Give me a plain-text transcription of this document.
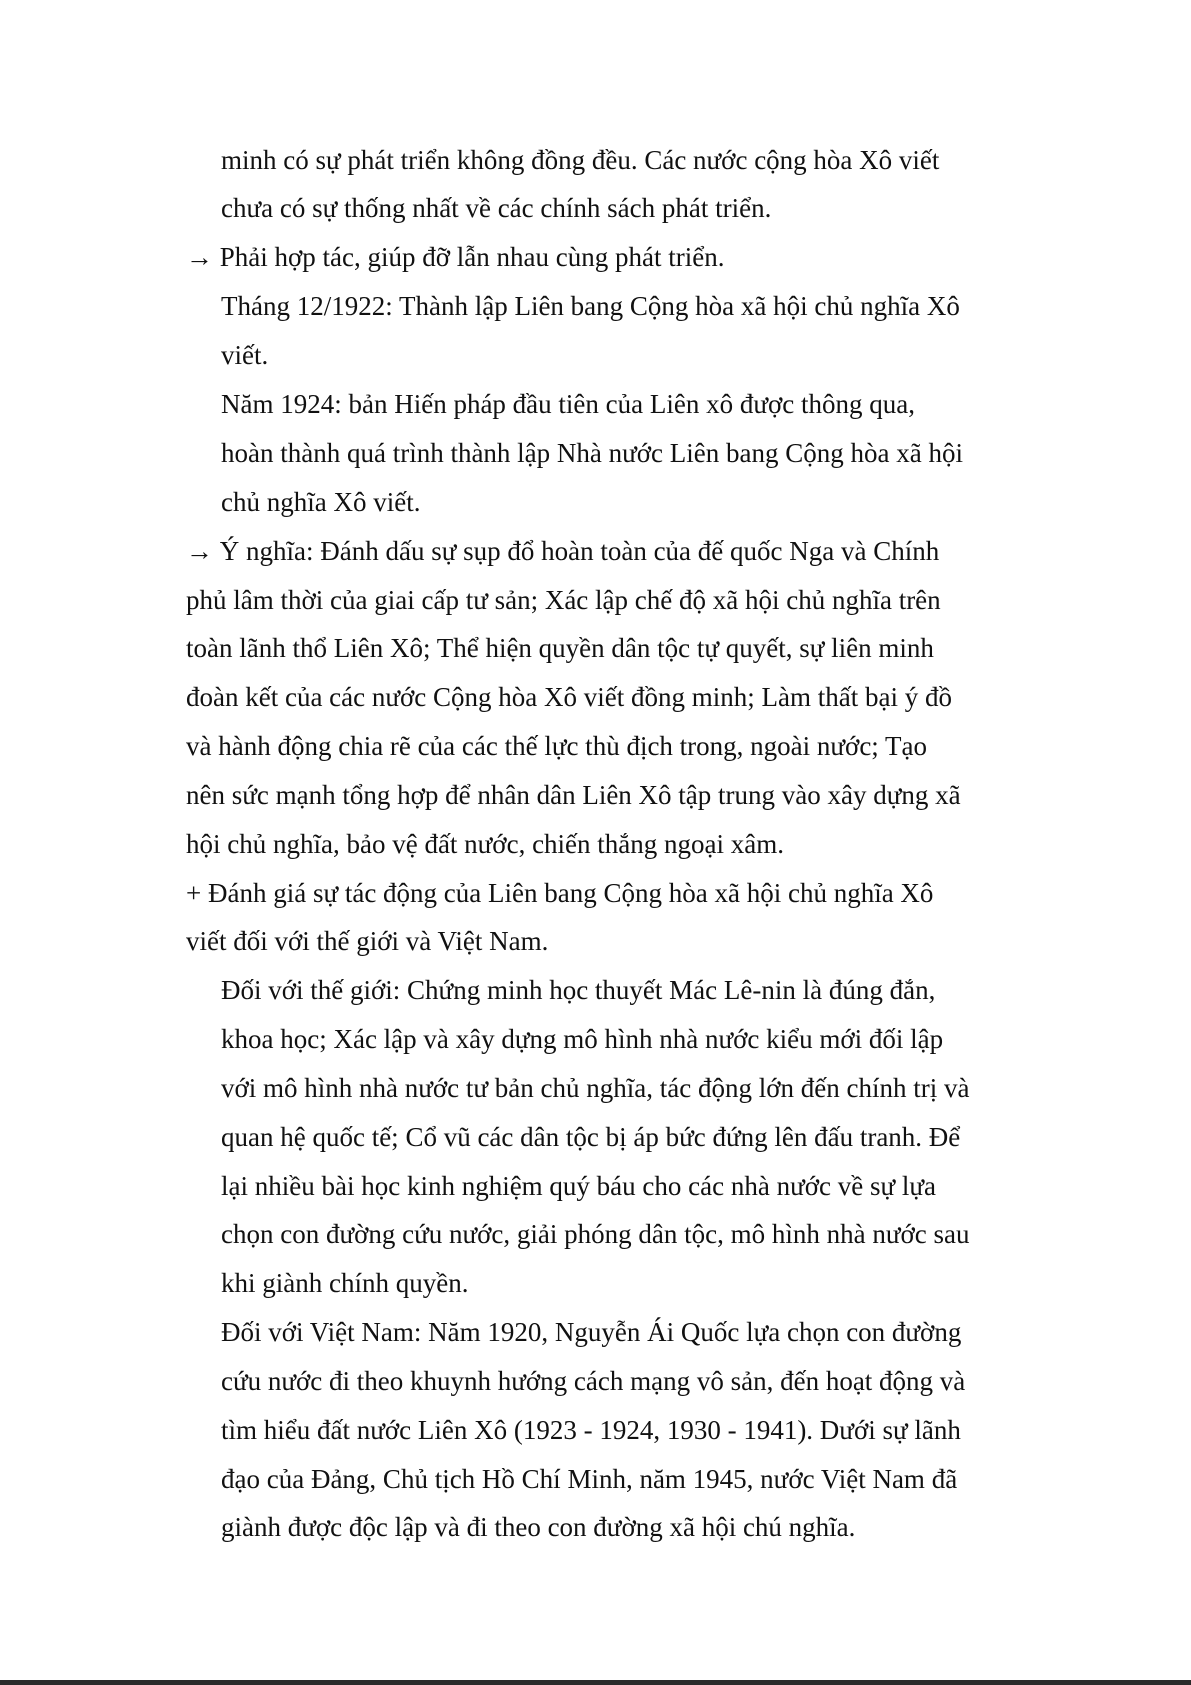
minh có sự phát triển không đồng đều. Các nước cộng hòa Xô viết
chưa có sự thống nhất về các chính sách phát triển.
→ Phải hợp tác, giúp đỡ lẫn nhau cùng phát triển.
Tháng 12/1922: Thành lập Liên bang Cộng hòa xã hội chủ nghĩa Xô
viết.
Năm 1924: bản Hiến pháp đầu tiên của Liên xô được thông qua,
hoàn thành quá trình thành lập Nhà nước Liên bang Cộng hòa xã hội
chủ nghĩa Xô viết.
→ Ý nghĩa: Đánh dấu sự sụp đổ hoàn toàn của đế quốc Nga và Chính
phủ lâm thời của giai cấp tư sản; Xác lập chế độ xã hội chủ nghĩa trên
toàn lãnh thổ Liên Xô; Thể hiện quyền dân tộc tự quyết, sự liên minh
đoàn kết của các nước Cộng hòa Xô viết đồng minh; Làm thất bại ý đồ
và hành động chia rẽ của các thế lực thù địch trong, ngoài nước; Tạo
nên sức mạnh tổng hợp để nhân dân Liên Xô tập trung vào xây dựng xã
hội chủ nghĩa, bảo vệ đất nước, chiến thắng ngoại xâm.
+ Đánh giá sự tác động của Liên bang Cộng hòa xã hội chủ nghĩa Xô
viết đối với thế giới và Việt Nam.
Đối với thế giới: Chứng minh học thuyết Mác Lê-nin là đúng đắn,
khoa học; Xác lập và xây dựng mô hình nhà nước kiểu mới đối lập
với mô hình nhà nước tư bản chủ nghĩa, tác động lớn đến chính trị và
quan hệ quốc tế; Cổ vũ các dân tộc bị áp bức đứng lên đấu tranh. Để
lại nhiều bài học kinh nghiệm quý báu cho các nhà nước về sự lựa
chọn con đường cứu nước, giải phóng dân tộc, mô hình nhà nước sau
khi giành chính quyền.
Đối với Việt Nam: Năm 1920, Nguyễn Ái Quốc lựa chọn con đường
cứu nước đi theo khuynh hướng cách mạng vô sản, đến hoạt động và
tìm hiểu đất nước Liên Xô (1923 - 1924, 1930 - 1941). Dưới sự lãnh
đạo của Đảng, Chủ tịch Hồ Chí Minh, năm 1945, nước Việt Nam đã
giành được độc lập và đi theo con đường xã hội chú nghĩa.
